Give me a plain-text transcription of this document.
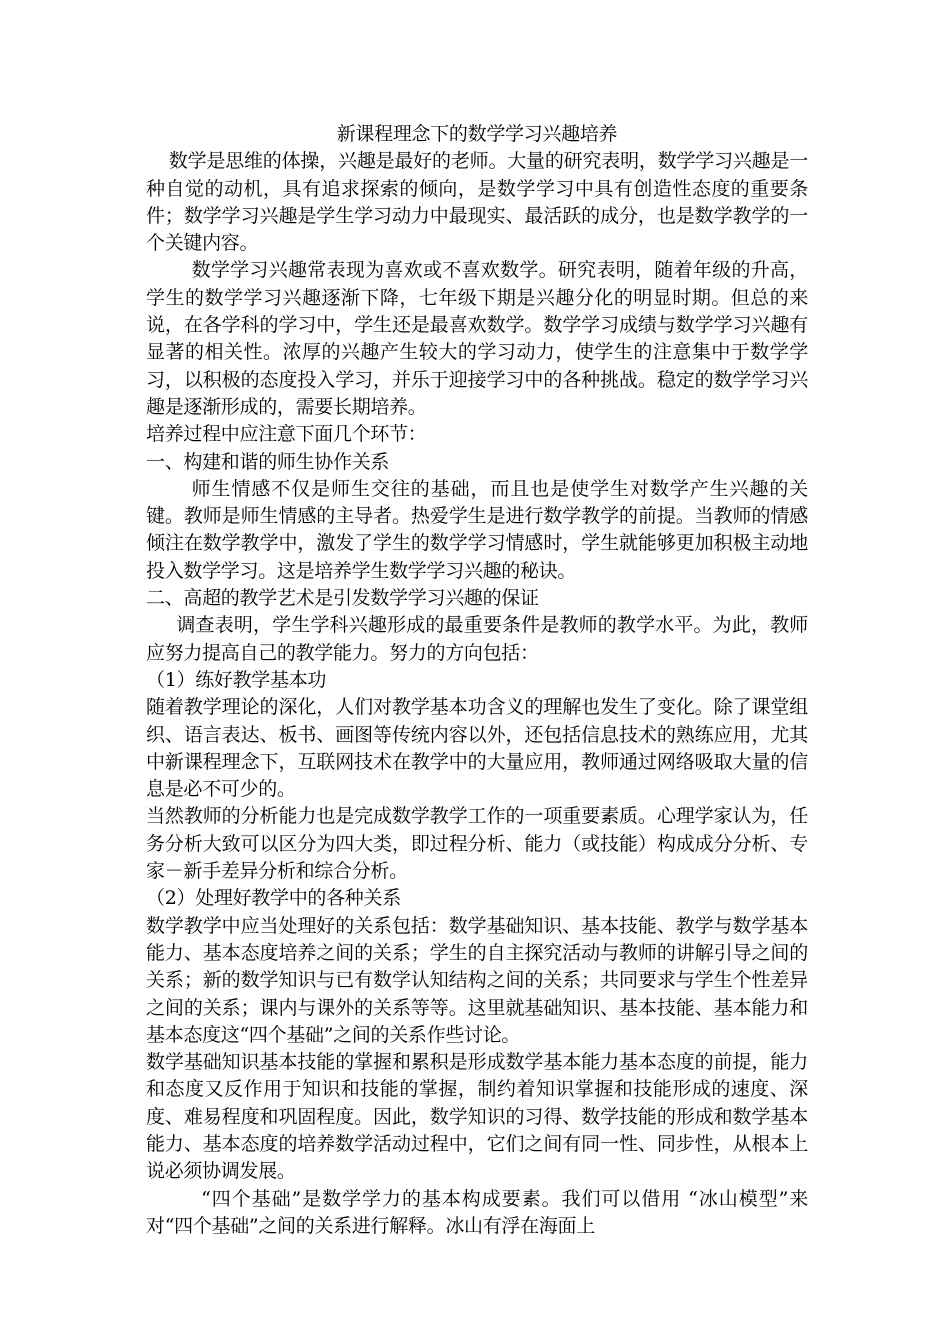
新课程理念下的数学学习兴趣培养

数学是思维的体操，兴趣是最好的老师。大量的研究表明，数学学习兴趣是一种自觉的动机，具有追求探索的倾向，是数学学习中具有创造性态度的重要条件；数学学习兴趣是学生学习动力中最现实、最活跃的成分，也是数学教学的一个关键内容。

数学学习兴趣常表现为喜欢或不喜欢数学。研究表明，随着年级的升高，学生的数学学习兴趣逐渐下降，七年级下期是兴趣分化的明显时期。但总的来说，在各学科的学习中，学生还是最喜欢数学。数学学习成绩与数学学习兴趣有显著的相关性。浓厚的兴趣产生较大的学习动力，使学生的注意集中于数学学习，以积极的态度投入学习，并乐于迎接学习中的各种挑战。稳定的数学学习兴趣是逐渐形成的，需要长期培养。

培养过程中应注意下面几个环节：

一、构建和谐的师生协作关系

师生情感不仅是师生交往的基础，而且也是使学生对数学产生兴趣的关键。教师是师生情感的主导者。热爱学生是进行数学教学的前提。当教师的情感倾注在数学教学中，激发了学生的数学学习情感时，学生就能够更加积极主动地投入数学学习。这是培养学生数学学习兴趣的秘诀。

二、高超的教学艺术是引发数学学习兴趣的保证

调查表明，学生学科兴趣形成的最重要条件是教师的教学水平。为此，教师应努力提高自己的教学能力。努力的方向包括：

（1）练好教学基本功

随着教学理论的深化，人们对教学基本功含义的理解也发生了变化。除了课堂组织、语言表达、板书、画图等传统内容以外，还包括信息技术的熟练应用，尤其中新课程理念下，互联网技术在教学中的大量应用，教师通过网络吸取大量的信息是必不可少的。

当然教师的分析能力也是完成数学教学工作的一项重要素质。心理学家认为，任务分析大致可以区分为四大类，即过程分析、能力（或技能）构成成分分析、专家－新手差异分析和综合分析。

（2）处理好教学中的各种关系

数学教学中应当处理好的关系包括：数学基础知识、基本技能、教学与数学基本能力、基本态度培养之间的关系；学生的自主探究活动与教师的讲解引导之间的关系；新的数学知识与已有数学认知结构之间的关系；共同要求与学生个性差异之间的关系；课内与课外的关系等等。这里就基础知识、基本技能、基本能力和基本态度这“四个基础”之间的关系作些讨论。

数学基础知识基本技能的掌握和累积是形成数学基本能力基本态度的前提，能力和态度又反作用于知识和技能的掌握，制约着知识掌握和技能形成的速度、深度、难易程度和巩固程度。因此，数学知识的习得、数学技能的形成和数学基本能力、基本态度的培养数学活动过程中，它们之间有同一性、同步性，从根本上说必须协调发展。

“四个基础”是数学学力的基本构成要素。我们可以借用 “冰山模型”来对“四个基础”之间的关系进行解释。冰山有浮在海面上
